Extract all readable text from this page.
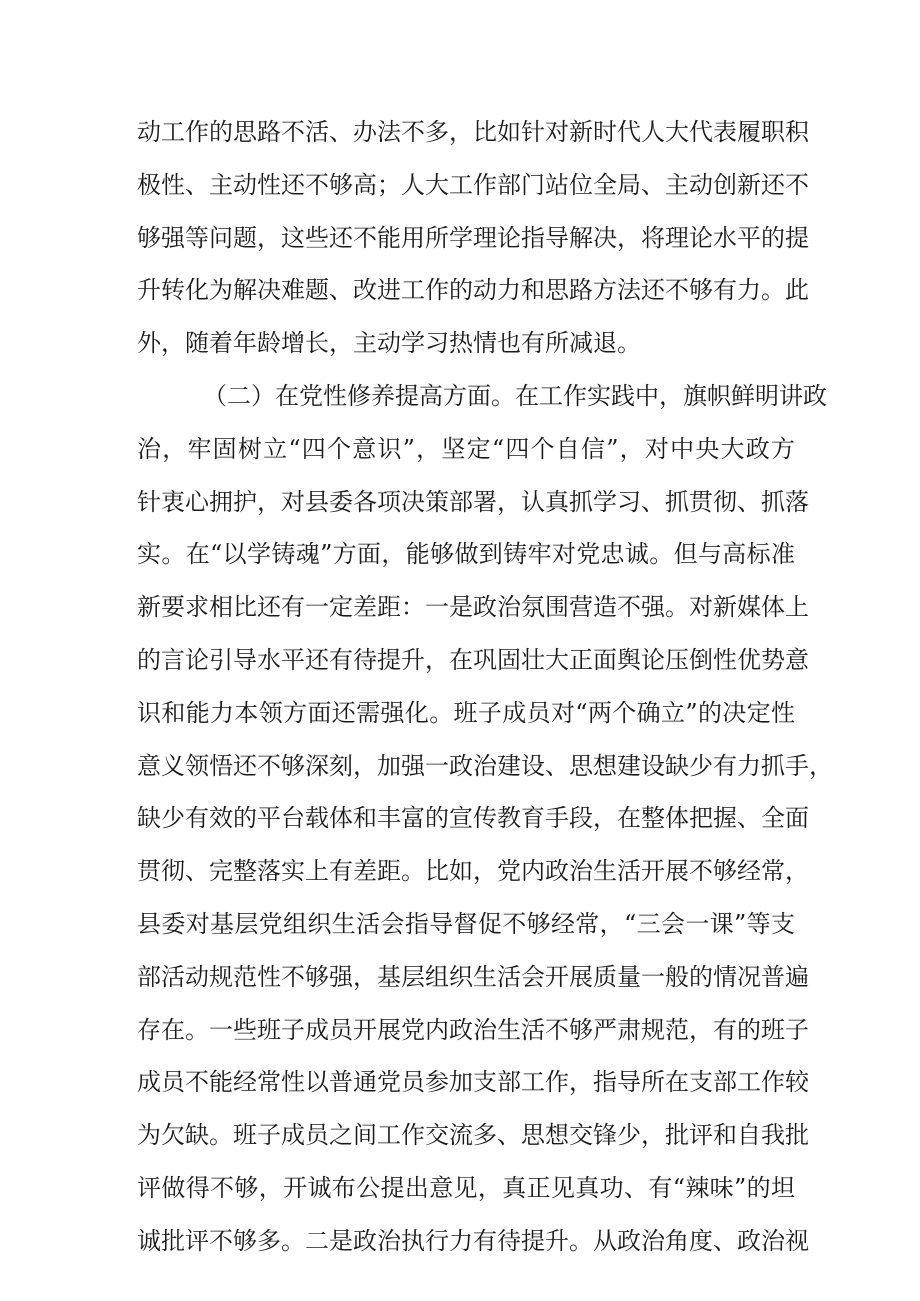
动工作的思路不活、办法不多，比如针对新时代人大代表履职积
极性、主动性还不够高；人大工作部门站位全局、主动创新还不
够强等问题，这些还不能用所学理论指导解决，将理论水平的提
升转化为解决难题、改进工作的动力和思路方法还不够有力。此
外，随着年龄增长，主动学习热情也有所减退。
（二）在党性修养提高方面。在工作实践中，旗帜鲜明讲政
治，牢固树立“四个意识”，坚定“四个自信”，对中央大政方
针衷心拥护，对县委各项决策部署，认真抓学习、抓贯彻、抓落
实。在“以学铸魂”方面，能够做到铸牢对党忠诚。但与高标准
新要求相比还有一定差距：一是政治氛围营造不强。对新媒体上
的言论引导水平还有待提升，在巩固壮大正面舆论压倒性优势意
识和能力本领方面还需强化。班子成员对“两个确立”的决定性
意义领悟还不够深刻，加强一政治建设、思想建设缺少有力抓手，
缺少有效的平台载体和丰富的宣传教育手段，在整体把握、全面
贯彻、完整落实上有差距。比如，党内政治生活开展不够经常，
县委对基层党组织生活会指导督促不够经常，“三会一课”等支
部活动规范性不够强，基层组织生活会开展质量一般的情况普遍
存在。一些班子成员开展党内政治生活不够严肃规范，有的班子
成员不能经常性以普通党员参加支部工作，指导所在支部工作较
为欠缺。班子成员之间工作交流多、思想交锋少，批评和自我批
评做得不够，开诚布公提出意见，真正见真功、有“辣味”的坦
诚批评不够多。二是政治执行力有待提升。从政治角度、政治视
